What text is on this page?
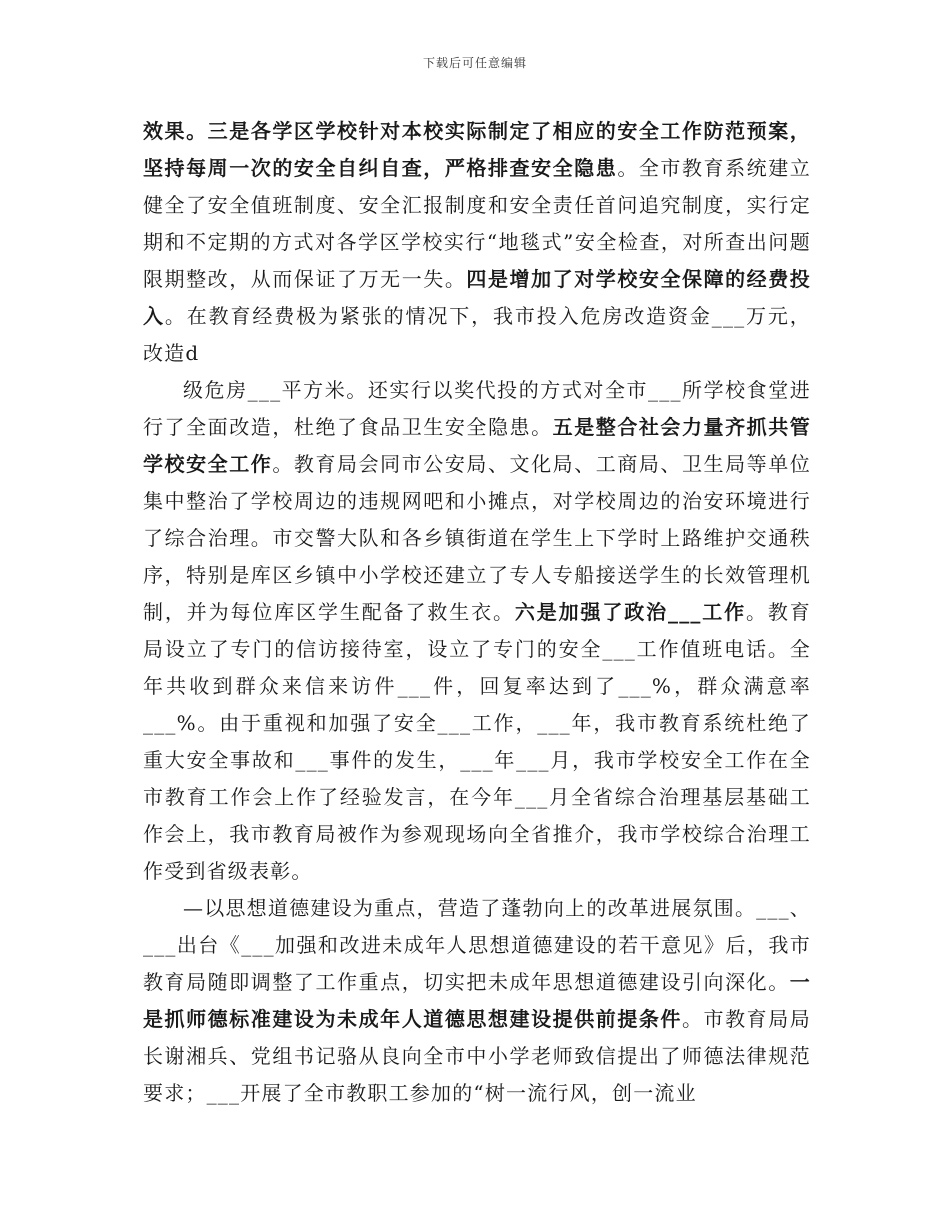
下载后可任意编辑

效果。三是各学区学校针对本校实际制定了相应的安全工作防范预案，坚持每周一次的安全自纠自查，严格排查安全隐患。全市教育系统建立健全了安全值班制度、安全汇报制度和安全责任首问追究制度，实行定期和不定期的方式对各学区学校实行“地毯式”安全检查，对所查出问题限期整改，从而保证了万无一失。四是增加了对学校安全保障的经费投入。在教育经费极为紧张的情况下，我市投入危房改造资金___万元，改造d

级危房___平方米。还实行以奖代投的方式对全市___所学校食堂进行了全面改造，杜绝了食品卫生安全隐患。五是整合社会力量齐抓共管学校安全工作。教育局会同市公安局、文化局、工商局、卫生局等单位集中整治了学校周边的违规网吧和小摊点，对学校周边的治安环境进行了综合治理。市交警大队和各乡镇街道在学生上下学时上路维护交通秩序，特别是库区乡镇中小学校还建立了专人专船接送学生的长效管理机制，并为每位库区学生配备了救生衣。六是加强了政治___工作。教育局设立了专门的信访接待室，设立了专门的安全___工作值班电话。全年共收到群众来信来访件___件，回复率达到了___%，群众满意率___%。由于重视和加强了安全___工作，___年，我市教育系统杜绝了重大安全事故和___事件的发生，___年___月，我市学校安全工作在全市教育工作会上作了经验发言，在今年___月全省综合治理基层基础工作会上，我市教育局被作为参观现场向全省推介，我市学校综合治理工作受到省级表彰。

—以思想道德建设为重点，营造了蓬勃向上的改革进展氛围。___、___出台《___加强和改进未成年人思想道德建设的若干意见》后，我市教育局随即调整了工作重点，切实把未成年思想道德建设引向深化。一是抓师德标准建设为未成年人道德思想建设提供前提条件。市教育局局长谢湘兵、党组书记骆从良向全市中小学老师致信提出了师德法律规范要求；___开展了全市教职工参加的“树一流行风，创一流业
